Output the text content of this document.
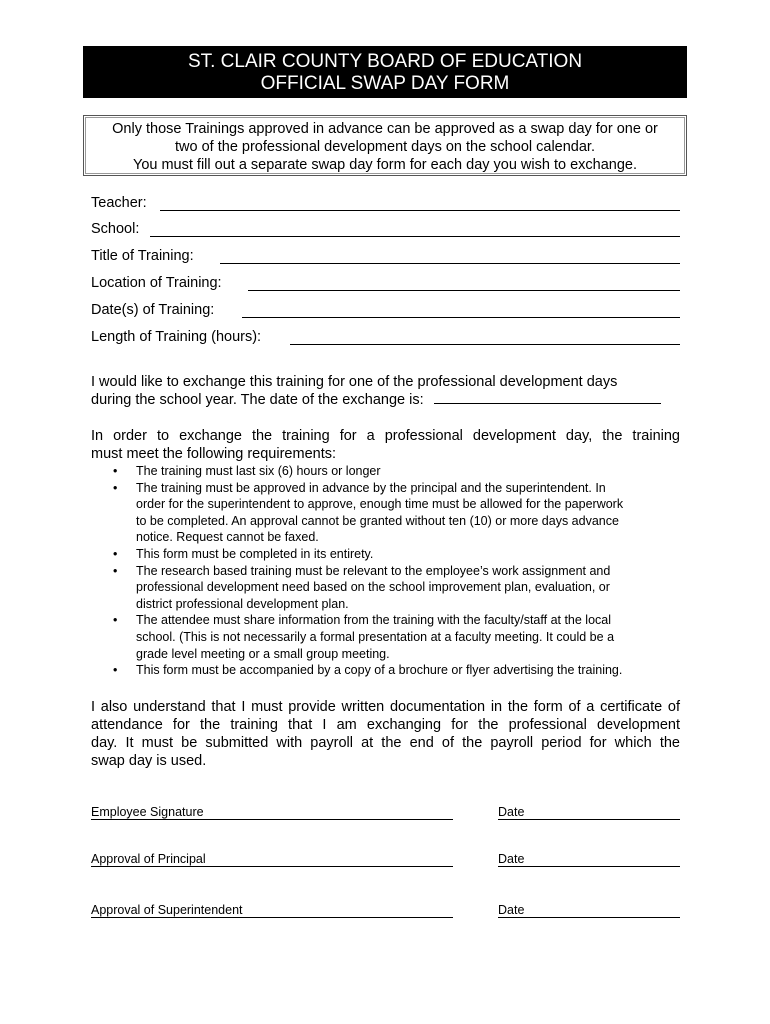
ST. CLAIR COUNTY BOARD OF EDUCATION
OFFICIAL SWAP DAY FORM
Only those Trainings approved in advance can be approved as a swap day for one or
two of the professional development days on the school calendar.
You must fill out a separate swap day form for each day you wish to exchange.
Teacher:
School:
Title of Training:
Location of Training:
Date(s) of Training:
Length of Training (hours):
I would like to exchange this training for one of the professional development days
during the school year. The date of the exchange is:
In order to exchange the training for a professional development day, the training
must meet the following requirements:
• The training must last six (6) hours or longer
• The training must be approved in advance by the principal and the superintendent. In
order for the superintendent to approve, enough time must be allowed for the paperwork
to be completed. An approval cannot be granted without ten (10) or more days advance
notice. Request cannot be faxed.
• This form must be completed in its entirety.
• The research based training must be relevant to the employee’s work assignment and
professional development need based on the school improvement plan, evaluation, or
district professional development plan.
• The attendee must share information from the training with the faculty/staff at the local
school. (This is not necessarily a formal presentation at a faculty meeting. It could be a
grade level meeting or a small group meeting.
• This form must be accompanied by a copy of a brochure or flyer advertising the training.
I also understand that I must provide written documentation in the form of a certificate of
attendance for the training that I am exchanging for the professional development
day. It must be submitted with payroll at the end of the payroll period for which the
swap day is used.
Employee Signature	Date
Approval of Principal	Date
Approval of Superintendent	Date
